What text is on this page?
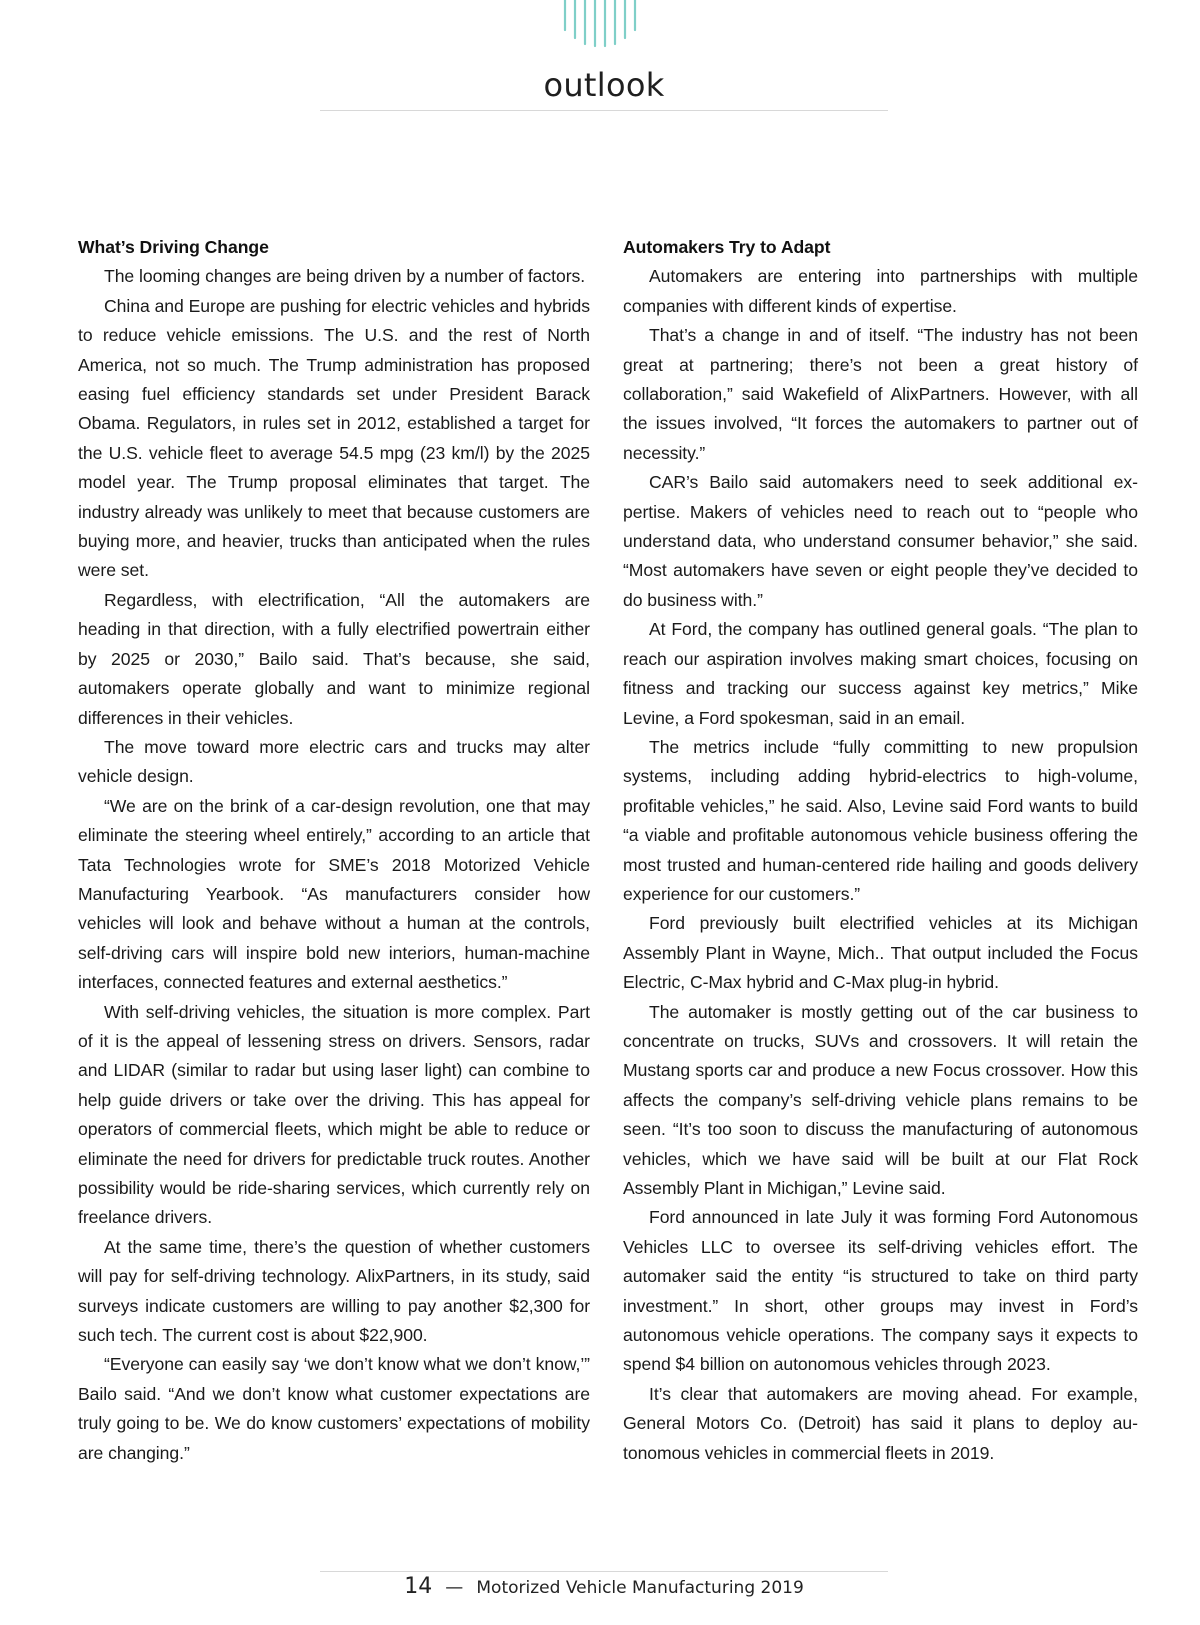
outlook
What’s Driving Change

The looming changes are being driven by a number of factors.

China and Europe are pushing for electric vehicles and hybrids to reduce vehicle emissions. The U.S. and the rest of North America, not so much. The Trump administration has proposed easing fuel efficiency standards set under President Barack Obama. Regulators, in rules set in 2012, established a target for the U.S. vehicle fleet to average 54.5 mpg (23 km/l) by the 2025 model year. The Trump proposal eliminates that target. The industry already was unlikely to meet that because customers are buying more, and heavier, trucks than anticipated when the rules were set.

Regardless, with electrification, “All the automakers are heading in that direction, with a fully electrified powertrain either by 2025 or 2030,” Bailo said. That’s because, she said, automakers operate globally and want to minimize regional differences in their vehicles.

The move toward more electric cars and trucks may alter vehicle design.

“We are on the brink of a car-design revolution, one that may eliminate the steering wheel entirely,” according to an article that Tata Technologies wrote for SME’s 2018 Motorized Vehicle Manufacturing Yearbook. “As manufacturers consider how vehicles will look and behave without a human at the controls, self-driving cars will inspire bold new interiors, human-machine interfaces, connected features and external aesthetics.”

With self-driving vehicles, the situation is more complex. Part of it is the appeal of lessening stress on drivers. Sensors, radar and LIDAR (similar to radar but using laser light) can combine to help guide drivers or take over the driving. This has appeal for operators of commercial fleets, which might be able to reduce or eliminate the need for drivers for predictable truck routes. Another possibility would be ride-sharing services, which currently rely on freelance drivers.

At the same time, there’s the question of whether customers will pay for self-driving technology. AlixPartners, in its study, said surveys indicate customers are willing to pay another $2,300 for such tech. The current cost is about $22,900.

“Everyone can easily say ‘we don’t know what we don’t know,’” Bailo said. “And we don’t know what customer expectations are truly going to be. We do know customers’ expectations of mobility are changing.”

Automakers Try to Adapt

Automakers are entering into partnerships with multiple companies with different kinds of expertise.

That’s a change in and of itself. “The industry has not been great at partnering; there’s not been a great history of collaboration,” said Wakefield of AlixPartners. However, with all the issues involved, “It forces the automakers to partner out of necessity.”

CAR’s Bailo said automakers need to seek additional expertise. Makers of vehicles need to reach out to “people who understand data, who understand consumer behavior,” she said. “Most automakers have seven or eight people they’ve decided to do business with.”

At Ford, the company has outlined general goals. “The plan to reach our aspiration involves making smart choices, focusing on fitness and tracking our success against key metrics,” Mike Levine, a Ford spokesman, said in an email.

The metrics include “fully committing to new propulsion systems, including adding hybrid-electrics to high-volume, profitable vehicles,” he said. Also, Levine said Ford wants to build “a viable and profitable autonomous vehicle business offering the most trusted and human-centered ride hailing and goods delivery experience for our customers.”

Ford previously built electrified vehicles at its Michigan Assembly Plant in Wayne, Mich.. That output included the Focus Electric, C-Max hybrid and C-Max plug-in hybrid.

The automaker is mostly getting out of the car business to concentrate on trucks, SUVs and crossovers. It will retain the Mustang sports car and produce a new Focus crossover. How this affects the company’s self-driving vehicle plans remains to be seen. “It’s too soon to discuss the manufacturing of autonomous vehicles, which we have said will be built at our Flat Rock Assembly Plant in Michigan,” Levine said.

Ford announced in late July it was forming Ford Autonomous Vehicles LLC to oversee its self-driving vehicles effort. The automaker said the entity “is structured to take on third party investment.” In short, other groups may invest in Ford’s autonomous vehicle operations. The company says it expects to spend $4 billion on autonomous vehicles through 2023.

It’s clear that automakers are moving ahead. For example, General Motors Co. (Detroit) has said it plans to deploy autonomous vehicles in commercial fleets in 2019.

14 — Motorized Vehicle Manufacturing 2019
